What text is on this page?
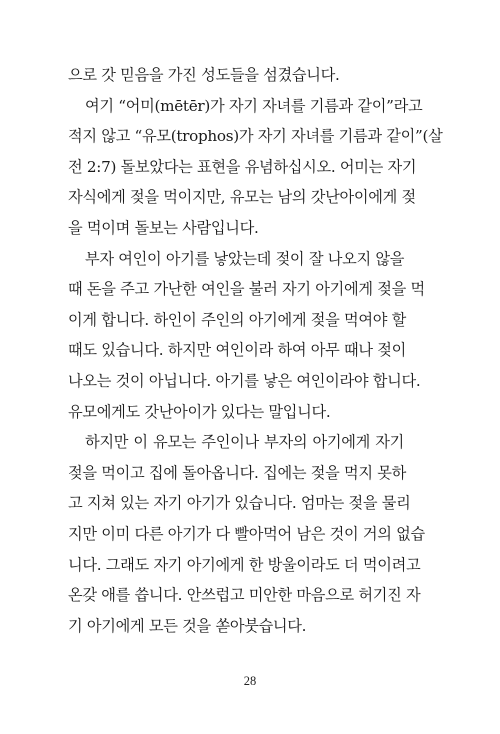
으로 갓 믿음을 가진 성도들을 섬겼습니다.
여기 “어미(mētēr)가 자기 자녀를 기름과 같이”라고
적지 않고 “유모(trophos)가 자기 자녀를 기름과 같이”(살
전 2:7) 돌보았다는 표현을 유념하십시오. 어미는 자기
자식에게 젖을 먹이지만, 유모는 남의 갓난아이에게 젖
을 먹이며 돌보는 사람입니다.
부자 여인이 아기를 낳았는데 젖이 잘 나오지 않을
때 돈을 주고 가난한 여인을 불러 자기 아기에게 젖을 먹
이게 합니다. 하인이 주인의 아기에게 젖을 먹여야 할
때도 있습니다. 하지만 여인이라 하여 아무 때나 젖이
나오는 것이 아닙니다. 아기를 낳은 여인이라야 합니다.
유모에게도 갓난아이가 있다는 말입니다.
하지만 이 유모는 주인이나 부자의 아기에게 자기
젖을 먹이고 집에 돌아옵니다. 집에는 젖을 먹지 못하
고 지쳐 있는 자기 아기가 있습니다. 엄마는 젖을 물리
지만 이미 다른 아기가 다 빨아먹어 남은 것이 거의 없습
니다. 그래도 자기 아기에게 한 방울이라도 더 먹이려고
온갖 애를 씁니다. 안쓰럽고 미안한 마음으로 허기진 자
기 아기에게 모든 것을 쏟아붓습니다.
28
